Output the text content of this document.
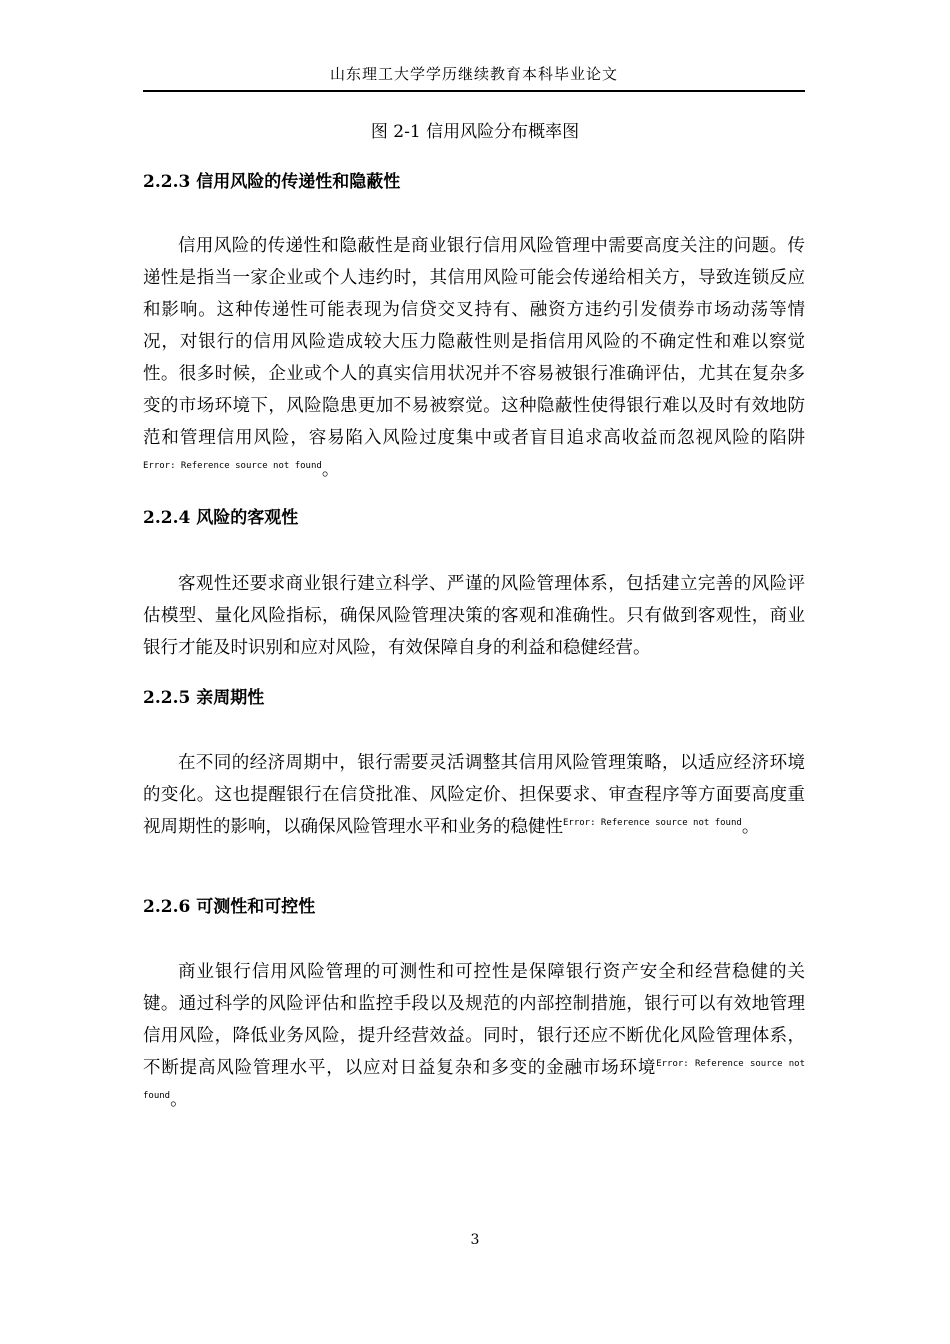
山东理工大学学历继续教育本科毕业论文
图 2-1 信用风险分布概率图
2.2.3 信用风险的传递性和隐蔽性

信用风险的传递性和隐蔽性是商业银行信用风险管理中需要高度关注的问题。传递性是指当一家企业或个人违约时，其信用风险可能会传递给相关方，导致连锁反应和影响。这种传递性可能表现为信贷交叉持有、融资方违约引发债券市场动荡等情况，对银行的信用风险造成较大压力隐蔽性则是指信用风险的不确定性和难以察觉性。很多时候，企业或个人的真实信用状况并不容易被银行准确评估，尤其在复杂多变的市场环境下，风险隐患更加不易被察觉。这种隐蔽性使得银行难以及时有效地防范和管理信用风险，容易陷入风险过度集中或者盲目追求高收益而忽视风险的陷阱$^{Error: Reference source not found}$。

2.2.4 风险的客观性

客观性还要求商业银行建立科学、严谨的风险管理体系，包括建立完善的风险评估模型、量化风险指标，确保风险管理决策的客观和准确性。只有做到客观性，商业银行才能及时识别和应对风险，有效保障自身的利益和稳健经营。

2.2.5 亲周期性

在不同的经济周期中，银行需要灵活调整其信用风险管理策略，以适应经济环境的变化。这也提醒银行在信贷批准、风险定价、担保要求、审查程序等方面要高度重视周期性的影响，以确保风险管理水平和业务的稳健性$^{Error: Reference source not found}$。

2.2.6 可测性和可控性

商业银行信用风险管理的可测性和可控性是保障银行资产安全和经营稳健的关键。通过科学的风险评估和监控手段以及规范的内部控制措施，银行可以有效地管理信用风险，降低业务风险，提升经营效益。同时，银行还应不断优化风险管理体系，不断提高风险管理水平，以应对日益复杂和多变的金融市场环境$^{Error: Reference source not found}$。

3
